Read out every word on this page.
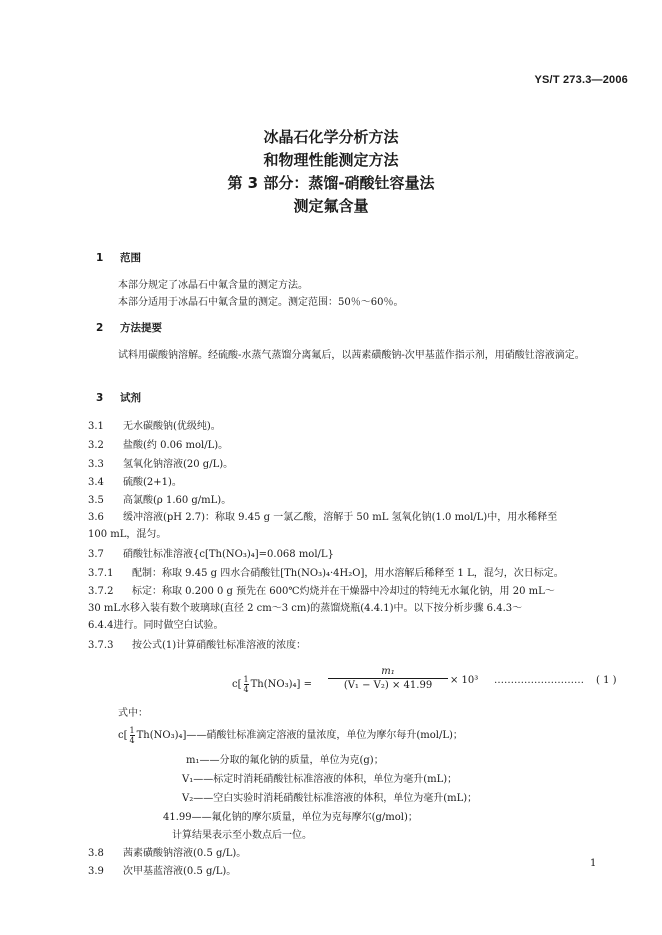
YS/T 273.3—2006
冰晶石化学分析方法
和物理性能测定方法
第 3 部分：蒸馏-硝酸钍容量法
测定氟含量
1 范围
本部分规定了冰晶石中氟含量的测定方法。
本部分适用于冰晶石中氟含量的测定。测定范围：50％～60％。
2 方法提要
试料用碳酸钠溶解。经硫酸-水蒸气蒸馏分离氟后，以茜素磺酸钠-次甲基蓝作指示剂，用硝酸钍溶液滴定。
3 试剂
3.1 无水碳酸钠(优级纯)。
3.2 盐酸(约 0.06 mol/L)。
3.3 氢氧化钠溶液(20 g/L)。
3.4 硫酸(2+1)。
3.5 高氯酸(ρ 1.60 g/mL)。
3.6 缓冲溶液(pH 2.7)：称取 9.45 g 一氯乙酸，溶解于 50 mL 氢氧化钠(1.0 mol/L)中，用水稀释至
100 mL，混匀。
3.7 硝酸钍标准溶液{c[Th(NO₃)₄]=0.068 mol/L}
3.7.1 配制：称取 9.45 g 四水合硝酸钍[Th(NO₃)₄·4H₂O]，用水溶解后稀释至 1 L，混匀，次日标定。
3.7.2 标定：称取 0.200 0 g 预先在 600℃灼烧并在干燥器中冷却过的特纯无水氟化钠，用 20 mL～
30 mL水移入装有数个玻璃球(直径 2 cm～3 cm)的蒸馏烧瓶(4.4.1)中。以下按分析步骤 6.4.3～
6.4.4进行。同时做空白试验。
3.7.3 按公式(1)计算硝酸钍标准溶液的浓度：
$c[ \frac{1}{4} Th(NO_3)_4] = \frac{\text{m₁}}{\text{(V₁ − V₂) × 41.99}} \times 10^3$ ……………………… ( 1 )
式中：
$c[ \frac{1}{4}$ Th(NO₃)₄]——硝酸钍标准滴定溶液的量浓度，单位为摩尔每升(mol/L)；
m₁——分取的氟化钠的质量，单位为克(g)；
V₁——标定时消耗硝酸钍标准溶液的体积，单位为毫升(mL)；
V₂——空白实验时消耗硝酸钍标准溶液的体积，单位为毫升(mL)；
41.99——氟化钠的摩尔质量，单位为克每摩尔(g/mol)；
计算结果表示至小数点后一位。
3.8 茜素磺酸钠溶液(0.5 g/L)。
3.9 次甲基蓝溶液(0.5 g/L)。
1
